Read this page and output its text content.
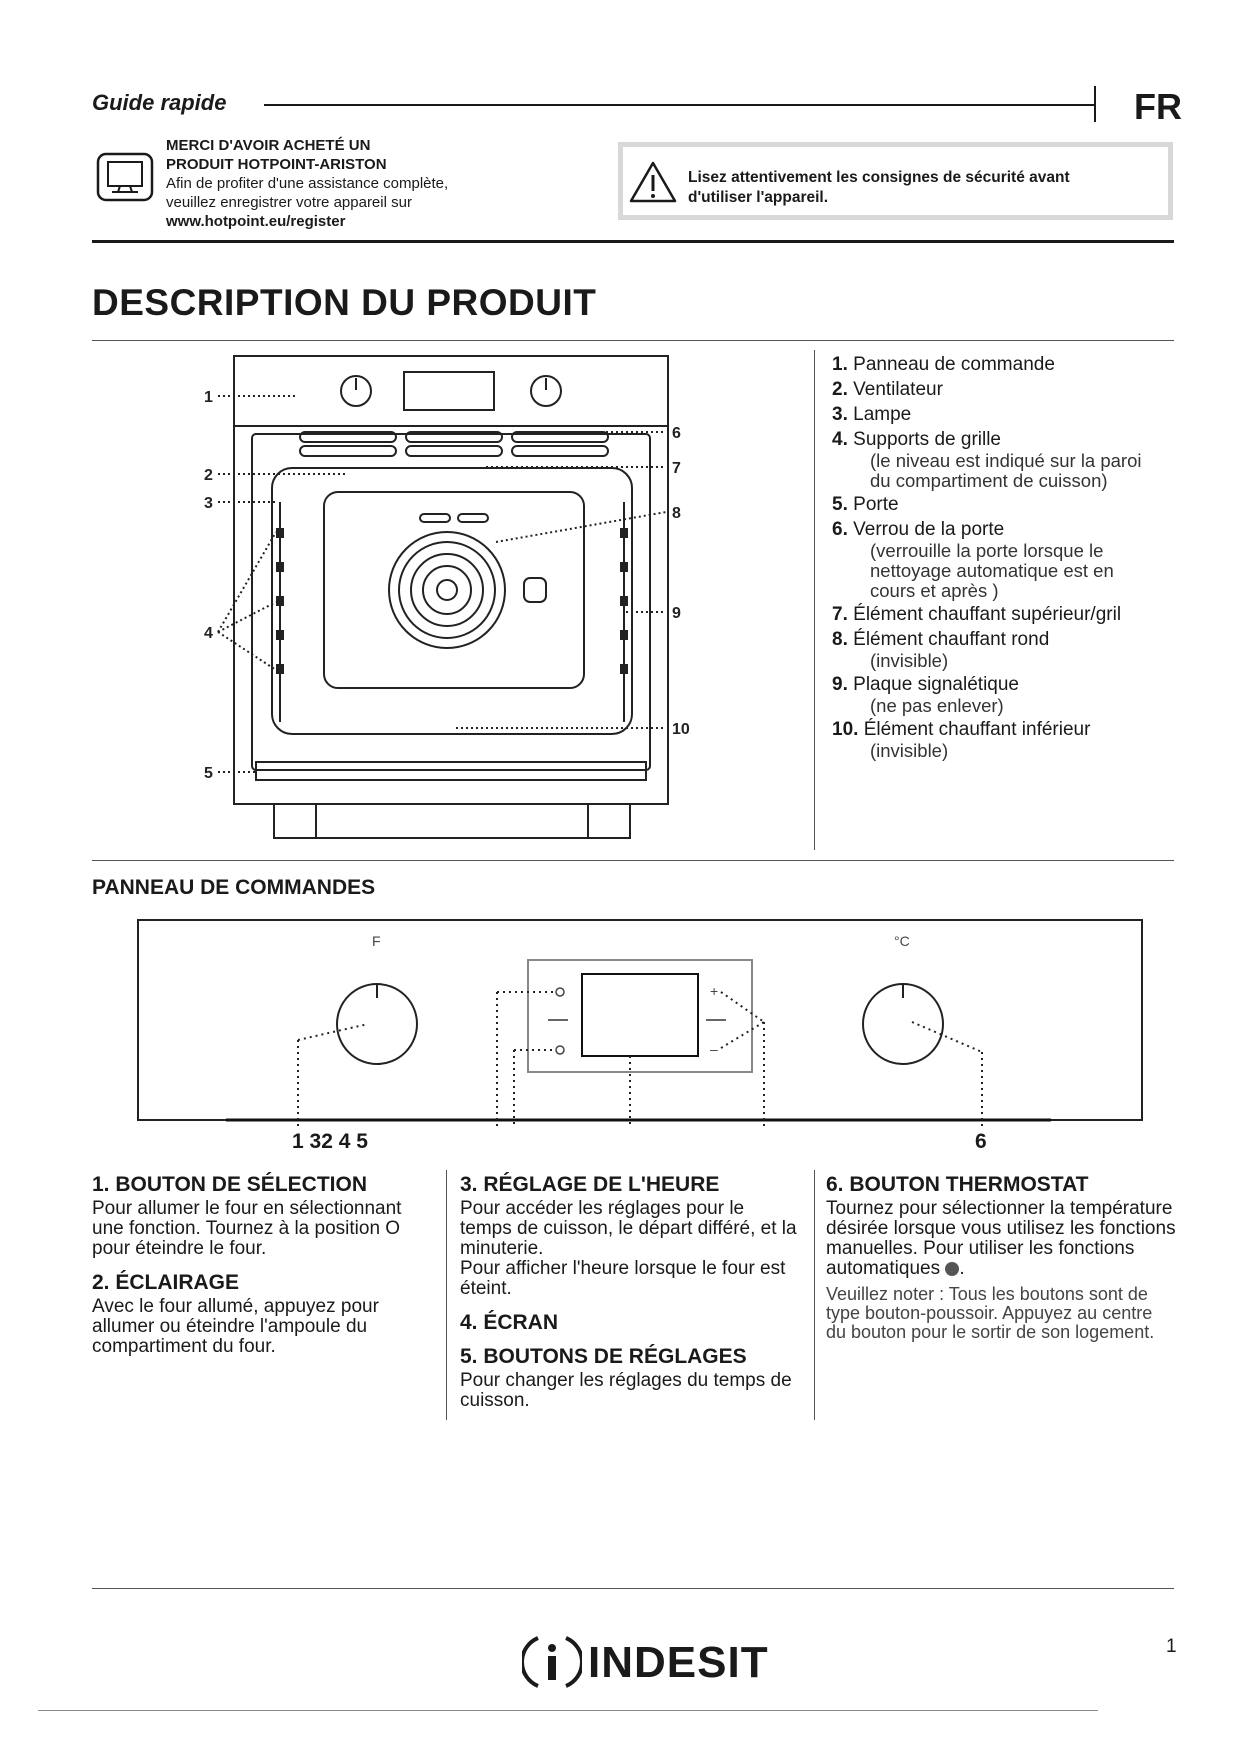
Guide rapide	FR
MERCI D'AVOIR ACHETÉ UN
PRODUIT HOTPOINT-ARISTON
Afin de profiter d'une assistance complète,
veuillez enregistrer votre appareil sur
www.hotpoint.eu/register
Lisez attentivement les consignes de sécurité avant
d'utiliser l'appareil.
DESCRIPTION DU PRODUIT
1
2
3
4
5
6
7
8
9
10
1. Panneau de commande
2. Ventilateur
3. Lampe
4. Supports de grille
(le niveau est indiqué sur la paroi
du compartiment de cuisson)
5. Porte
6. Verrou de la porte
(verrouille la porte lorsque le
nettoyage automatique est en
cours et après )
7. Élément chauffant supérieur/gril
8. Élément chauffant rond
(invisible)
9. Plaque signalétique
(ne pas enlever)
10. Élément chauffant inférieur
(invisible)
PANNEAU DE COMMANDES
F	°C
+
–
1 32 4 5	6
1. BOUTON DE SÉLECTION

Pour allumer le four en sélectionnant une fonction. Tournez à la position O pour éteindre le four.

2. ÉCLAIRAGE

Avec le four allumé, appuyez pour allumer ou éteindre l'ampoule du compartiment du four.

3. RÉGLAGE DE L'HEURE

Pour accéder les réglages pour le temps de cuisson, le départ différé, et la minuterie.

Pour afficher l'heure lorsque le four est éteint.

4. ÉCRAN
5. BOUTONS DE RÉGLAGES

Pour changer les réglages du temps de cuisson.

6. BOUTON THERMOSTAT

Tournez pour sélectionner la température désirée lorsque vous utilisez les fonctions manuelles. Pour utiliser les fonctions automatiques .

Veuillez noter : Tous les boutons sont de type bouton-poussoir. Appuyez au centre du bouton pour le sortir de son logement.

INDESIT	1
